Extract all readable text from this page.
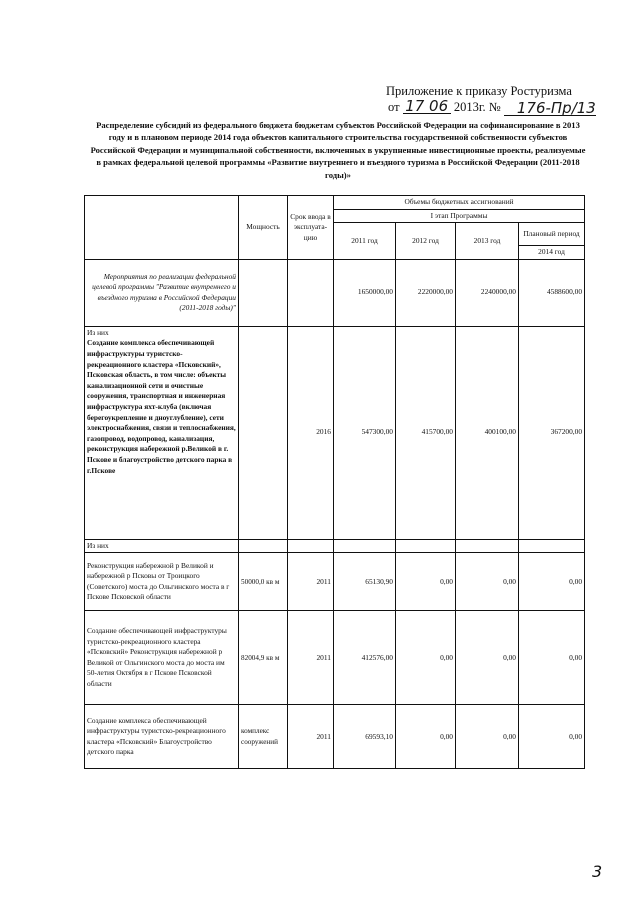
Приложение к приказу Ростуризма
от 17 06 2013г. № 176-Пр/13
Распределение субсидий из федерального бюджета бюджетам субъектов Российской Федерации на софинансирование в 2013 году и в плановом периоде 2014 года объектов капитального строительства государственной собственности субъектов Российской Федерации и муниципальной собственности, включенных в укрупненные инвестиционные проекты, реализуемые в рамках федеральной целевой программы «Развитие внутреннего и въездного туризма в Российской Федерации (2011-2018 годы)»
	Мощность	Срок ввода в эксплуата-цию	Объемы бюджетных ассигнований			
			I этап Программы			
			2011 год	2012 год	2013 год	Плановый период
						2014 год
Мероприятия по реализации федеральной целевой программы "Развитие внутреннего и въездного туризма в Российской Федерации (2011-2018 годы)"			1650000,00	2220000,00	2240000,00	4588600,00

Из них
Создание комплекса обеспечивающей инфраструктуры туристско-рекреационного кластера «Псковский», Псковская область, в том числе: объекты канализационной сети и очистные сооружения, транспортная и инженерная инфраструктура яхт-клуба (включая берегоукрепление и дноуглубление), сети электроснабжения, связи и теплоснабжения, газопровод, водопровод, канализация, реконструкция набережной р.Великой в г. Пскове и благоустройство детского парка в г.Пскове		2016	547300,00	415700,00	400100,00	367200,00
Из них						
Реконструкция набережной р Великой и набережной р Псковы от Троицкого (Советского) моста до Ольгинского моста в г Пскове Псковской области	50000,0 кв м	2011	65130,90	0,00	0,00	0,00
Создание обеспечивающей инфраструктуры туристско-рекреационного кластера «Псковский» Реконструкция набережной р Великой от Ольгинского моста до моста им 50-летия Октября в г Пскове Псковской области	82004,9 кв м	2011	412576,00	0,00	0,00	0,00
Создание комплекса обеспечивающей инфраструктуры туристско-рекреационного кластера «Псковский» Благоустройство детского парка	комплекс сооружений	2011	69593,10	0,00	0,00	0,00
3
